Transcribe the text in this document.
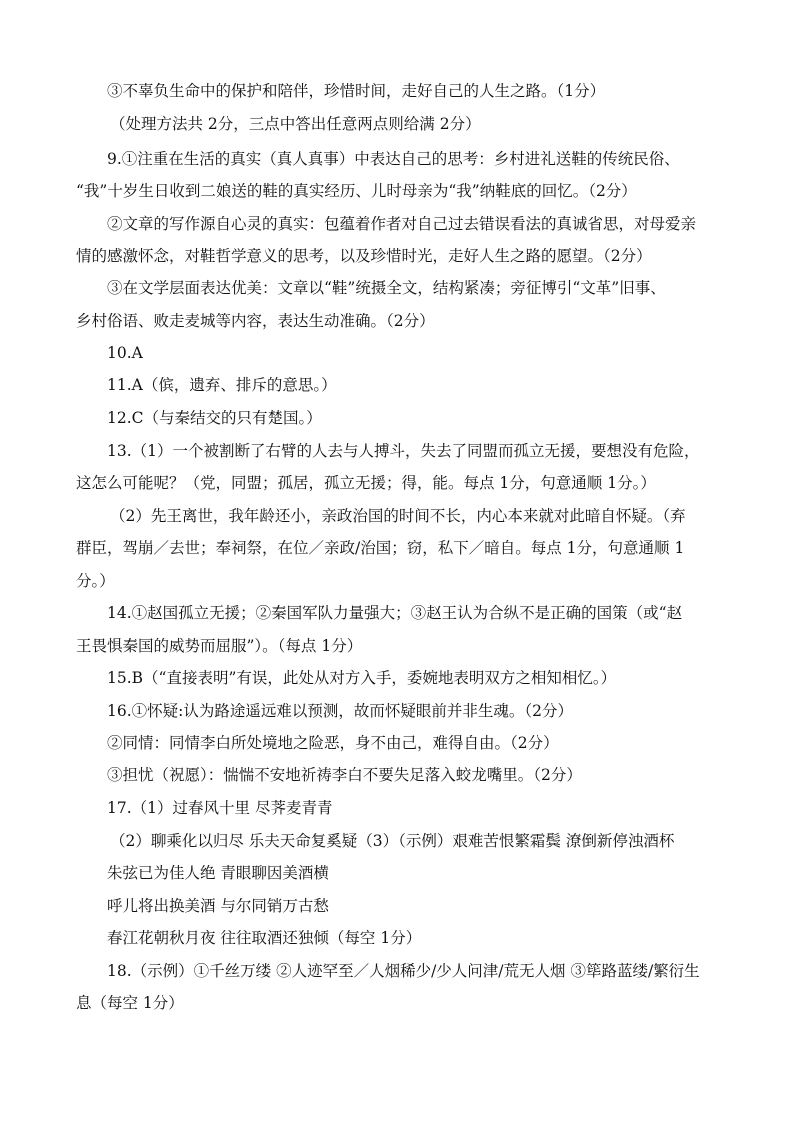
③不辜负生命中的保护和陪伴，珍惜时间，走好自己的人生之路。（1分）
（处理方法共 2分，三点中答出任意两点则给满 2分）
9.①注重在生活的真实（真人真事）中表达自己的思考：乡村进礼送鞋的传统民俗、
“我”十岁生日收到二娘送的鞋的真实经历、儿时母亲为“我”纳鞋底的回忆。（2分）
②文章的写作源自心灵的真实：包蕴着作者对自己过去错误看法的真诚省思，对母爱亲
情的感激怀念，对鞋哲学意义的思考，以及珍惜时光，走好人生之路的愿望。（2分）
③在文学层面表达优美：文章以“鞋”统摄全文，结构紧凑；旁征博引“文革”旧事、
乡村俗语、败走麦城等内容，表达生动准确。（2分）
10.A
11.A（傧，遗弃、排斥的意思。）
12.C（与秦结交的只有楚国。）
13.（1）一个被割断了右臂的人去与人搏斗，失去了同盟而孤立无援，要想没有危险，
这怎么可能呢？（党，同盟；孤居，孤立无援；得，能。每点 1分，句意通顺 1分。）
（2）先王离世，我年龄还小，亲政治国的时间不长，内心本来就对此暗自怀疑。（弃
群臣，驾崩／去世；奉祠祭，在位／亲政/治国；窃，私下／暗自。每点 1分，句意通顺 1
分。）
14.①赵国孤立无援；②秦国军队力量强大；③赵王认为合纵不是正确的国策（或“赵
王畏惧秦国的威势而屈服”）。（每点 1分）
15.B（“直接表明”有误，此处从对方入手，委婉地表明双方之相知相忆。）
16.①怀疑:认为路途遥远难以预测，故而怀疑眼前并非生魂。（2分）
②同情：同情李白所处境地之险恶，身不由己，难得自由。（2分）
③担忧（祝愿）：惴惴不安地祈祷李白不要失足落入蛟龙嘴里。（2分）
17.（1）过春风十里 尽荠麦青青
（2）聊乘化以归尽 乐夫天命复奚疑（3）（示例）艰难苦恨繁霜鬓 潦倒新停浊酒杯
朱弦已为佳人绝 青眼聊因美酒横
呼儿将出换美酒 与尔同销万古愁
春江花朝秋月夜 往往取酒还独倾（每空 1分）
18.（示例）①千丝万缕 ②人迹罕至／人烟稀少/少人问津/荒无人烟 ③筚路蓝缕/繁衍生
息（每空 1分）
